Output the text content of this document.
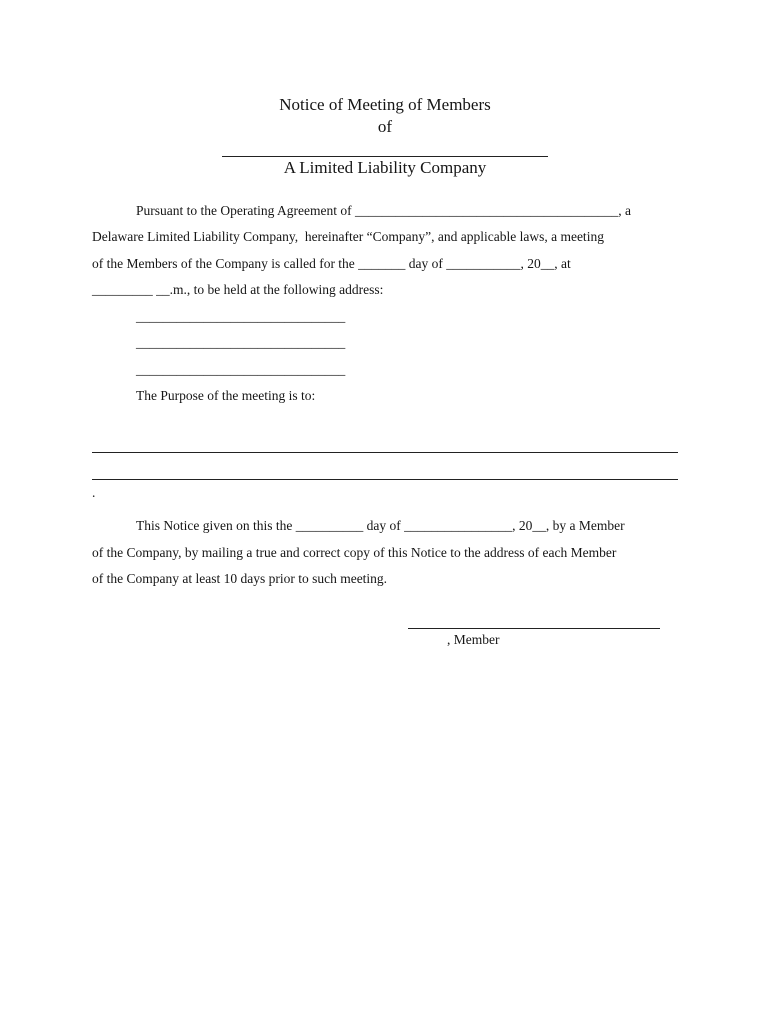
Notice of Meeting of Members
of
A Limited Liability Company
Pursuant to the Operating Agreement of _______________________________________, a
Delaware Limited Liability Company,  hereinafter “Company”, and applicable laws, a meeting
of the Members of the Company is called for the _______ day of ___________, 20__, at
_________ __.m., to be held at the following address:
_______________________________
_______________________________
_______________________________
The Purpose of the meeting is to:
.
This Notice given on this the __________ day of ________________, 20__, by a Member
of the Company, by mailing a true and correct copy of this Notice to the address of each Member
of the Company at least 10 days prior to such meeting.
, Member
